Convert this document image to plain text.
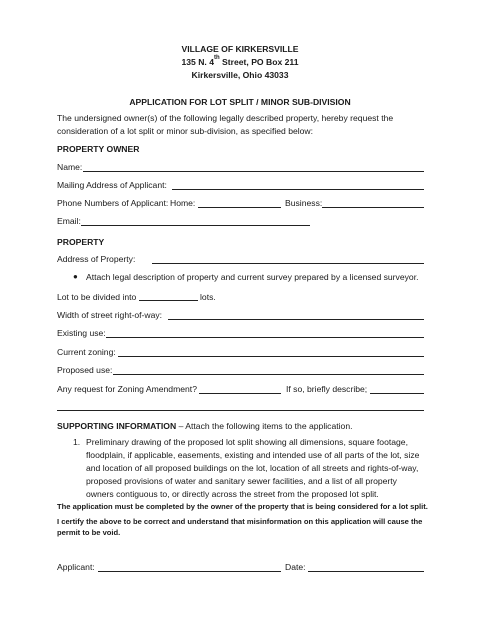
VILLAGE OF KIRKERSVILLE
135 N. 4th Street, PO Box 211
Kirkersville, Ohio 43033
APPLICATION FOR LOT SPLIT / MINOR SUB-DIVISION
The undersigned owner(s) of the following legally described property, hereby request the consideration of a lot split or minor sub-division, as specified below:
PROPERTY OWNER
Name:
Mailing Address of Applicant:
Phone Numbers of Applicant: Home:	Business:
Email:
PROPERTY
Address of Property:
● Attach legal description of property and current survey prepared by a licensed surveyor.
Lot to be divided into	lots.
Width of street right-of-way:
Existing use:
Current zoning:
Proposed use:
Any request for Zoning Amendment?	If so, briefly describe;
SUPPORTING INFORMATION – Attach the following items to the application.
1. Preliminary drawing of the proposed lot split showing all dimensions, square footage, floodplain, if applicable, easements, existing and intended use of all parts of the lot, size and location of all proposed buildings on the lot, location of all streets and rights-of-way, proposed provisions of water and sanitary sewer facilities, and a list of all property owners contiguous to, or directly across the street from the proposed lot split.
The application must be completed by the owner of the property that is being considered for a lot split.
I certify the above to be correct and understand that misinformation on this application will cause the permit to be void.
Applicant:	Date:
